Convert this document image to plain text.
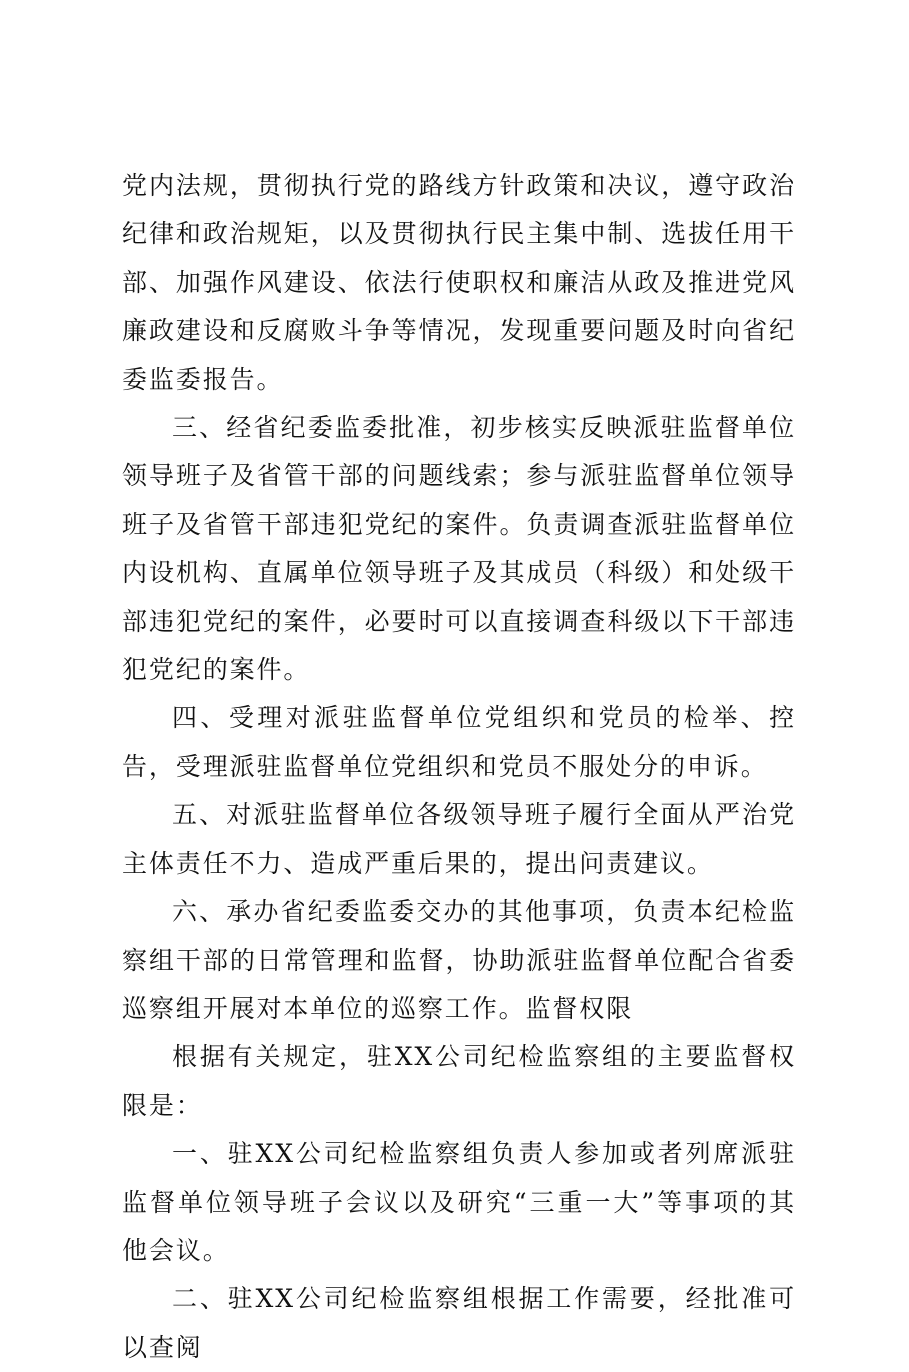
党内法规，贯彻执行党的路线方针政策和决议，遵守政治纪律和政治规矩，以及贯彻执行民主集中制、选拔任用干部、加强作风建设、依法行使职权和廉洁从政及推进党风廉政建设和反腐败斗争等情况，发现重要问题及时向省纪委监委报告。

三、经省纪委监委批准，初步核实反映派驻监督单位领导班子及省管干部的问题线索；参与派驻监督单位领导班子及省管干部违犯党纪的案件。负责调查派驻监督单位内设机构、直属单位领导班子及其成员（科级）和处级干部违犯党纪的案件，必要时可以直接调查科级以下干部违犯党纪的案件。

四、受理对派驻监督单位党组织和党员的检举、控告，受理派驻监督单位党组织和党员不服处分的申诉。

五、对派驻监督单位各级领导班子履行全面从严治党主体责任不力、造成严重后果的，提出问责建议。

六、承办省纪委监委交办的其他事项，负责本纪检监察组干部的日常管理和监督，协助派驻监督单位配合省委巡察组开展对本单位的巡察工作。监督权限

根据有关规定，驻XX公司纪检监察组的主要监督权限是：

一、驻XX公司纪检监察组负责人参加或者列席派驻监督单位领导班子会议以及研究“三重一大”等事项的其他会议。

二、驻XX公司纪检监察组根据工作需要，经批准可以查阅
